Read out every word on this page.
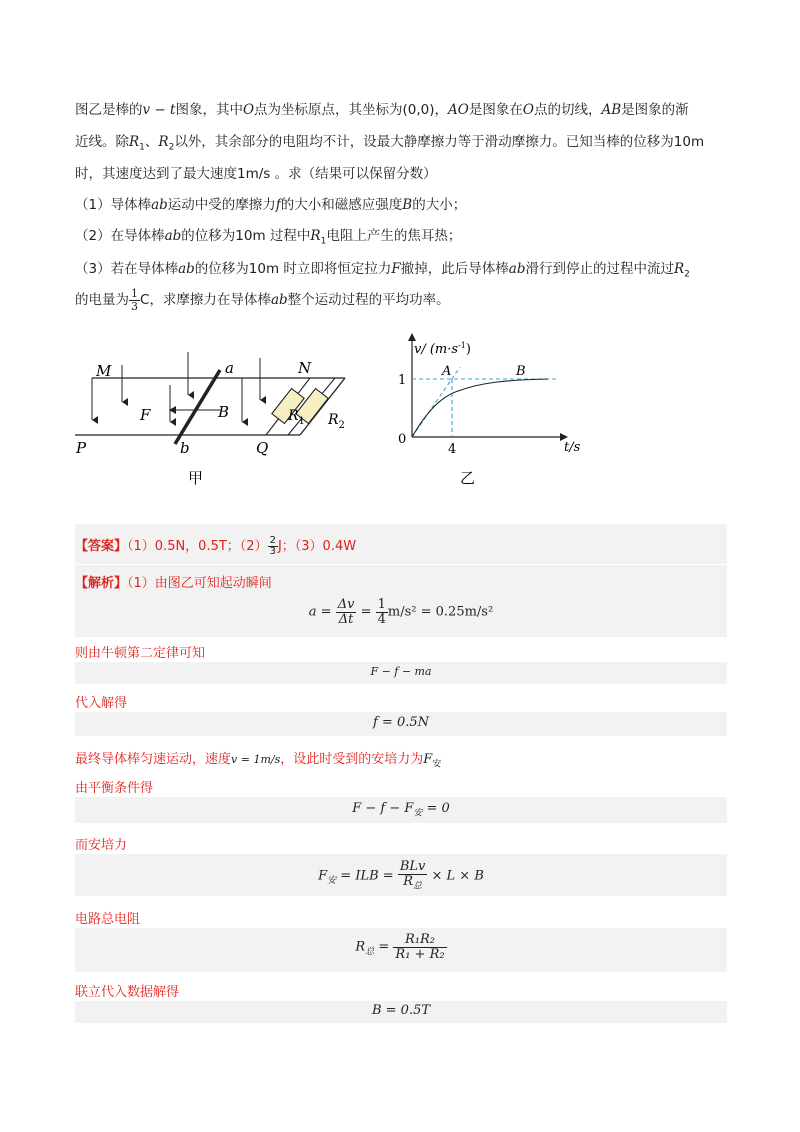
图乙是棒的v − t图象，其中O点为坐标原点，其坐标为(0,0)，AO是图象在O点的切线，AB是图象的渐
近线。除$R_1$、$R_2$以外，其余部分的电阻均不计，设最大静摩擦力等于滑动摩擦力。已知当棒的位移为10m
时，其速度达到了最大速度1m/s 。求（结果可以保留分数）
（1）导体棒ab运动中受的摩擦力f的大小和磁感应强度B的大小；
（2）在导体棒ab的位移为10m 过程中$R_1$电阻上产生的焦耳热；
（3）若在导体棒ab的位移为10m 时立即将恒定拉力F撤掉，此后导体棒ab滑行到停止的过程中流过$R_2$
的电量为 $\frac{1}{3}$ C，求摩擦力在导体棒ab整个运动过程的平均功率。
M	a	N
F	B	$R_1$ $R_2$
P	b	Q
甲
v/ $(m\cdot s^{-1})$
1
0
4
A	B
t/s
乙
【答案】（1）0.5N，0.5T；$(2) \frac{2}{3}$ J；（3）0.4W
【解析】（1）由图乙可知起动瞬间
$a = \frac{\Delta v}{\Delta t} = \frac{1}{4} m/s^2 = 0.25m/s^2$
则由牛顿第二定律可知
F − f − ma
代入解得
f = 0.5N
最终导体棒匀速运动，速度v = 1m/s，设此时受到的安培力为$F_安$
由平衡条件得
$F - f - F_安 = 0$
而安培力
$F_安$ = ILB = $\frac{\text{BLv}}{R_总} \times L \times B$
电路总电阻
$R_总 = \frac{\text{R₁R₂}}{\text{R₁ + R₂}}$
联立代入数据解得
B = 0.5T
